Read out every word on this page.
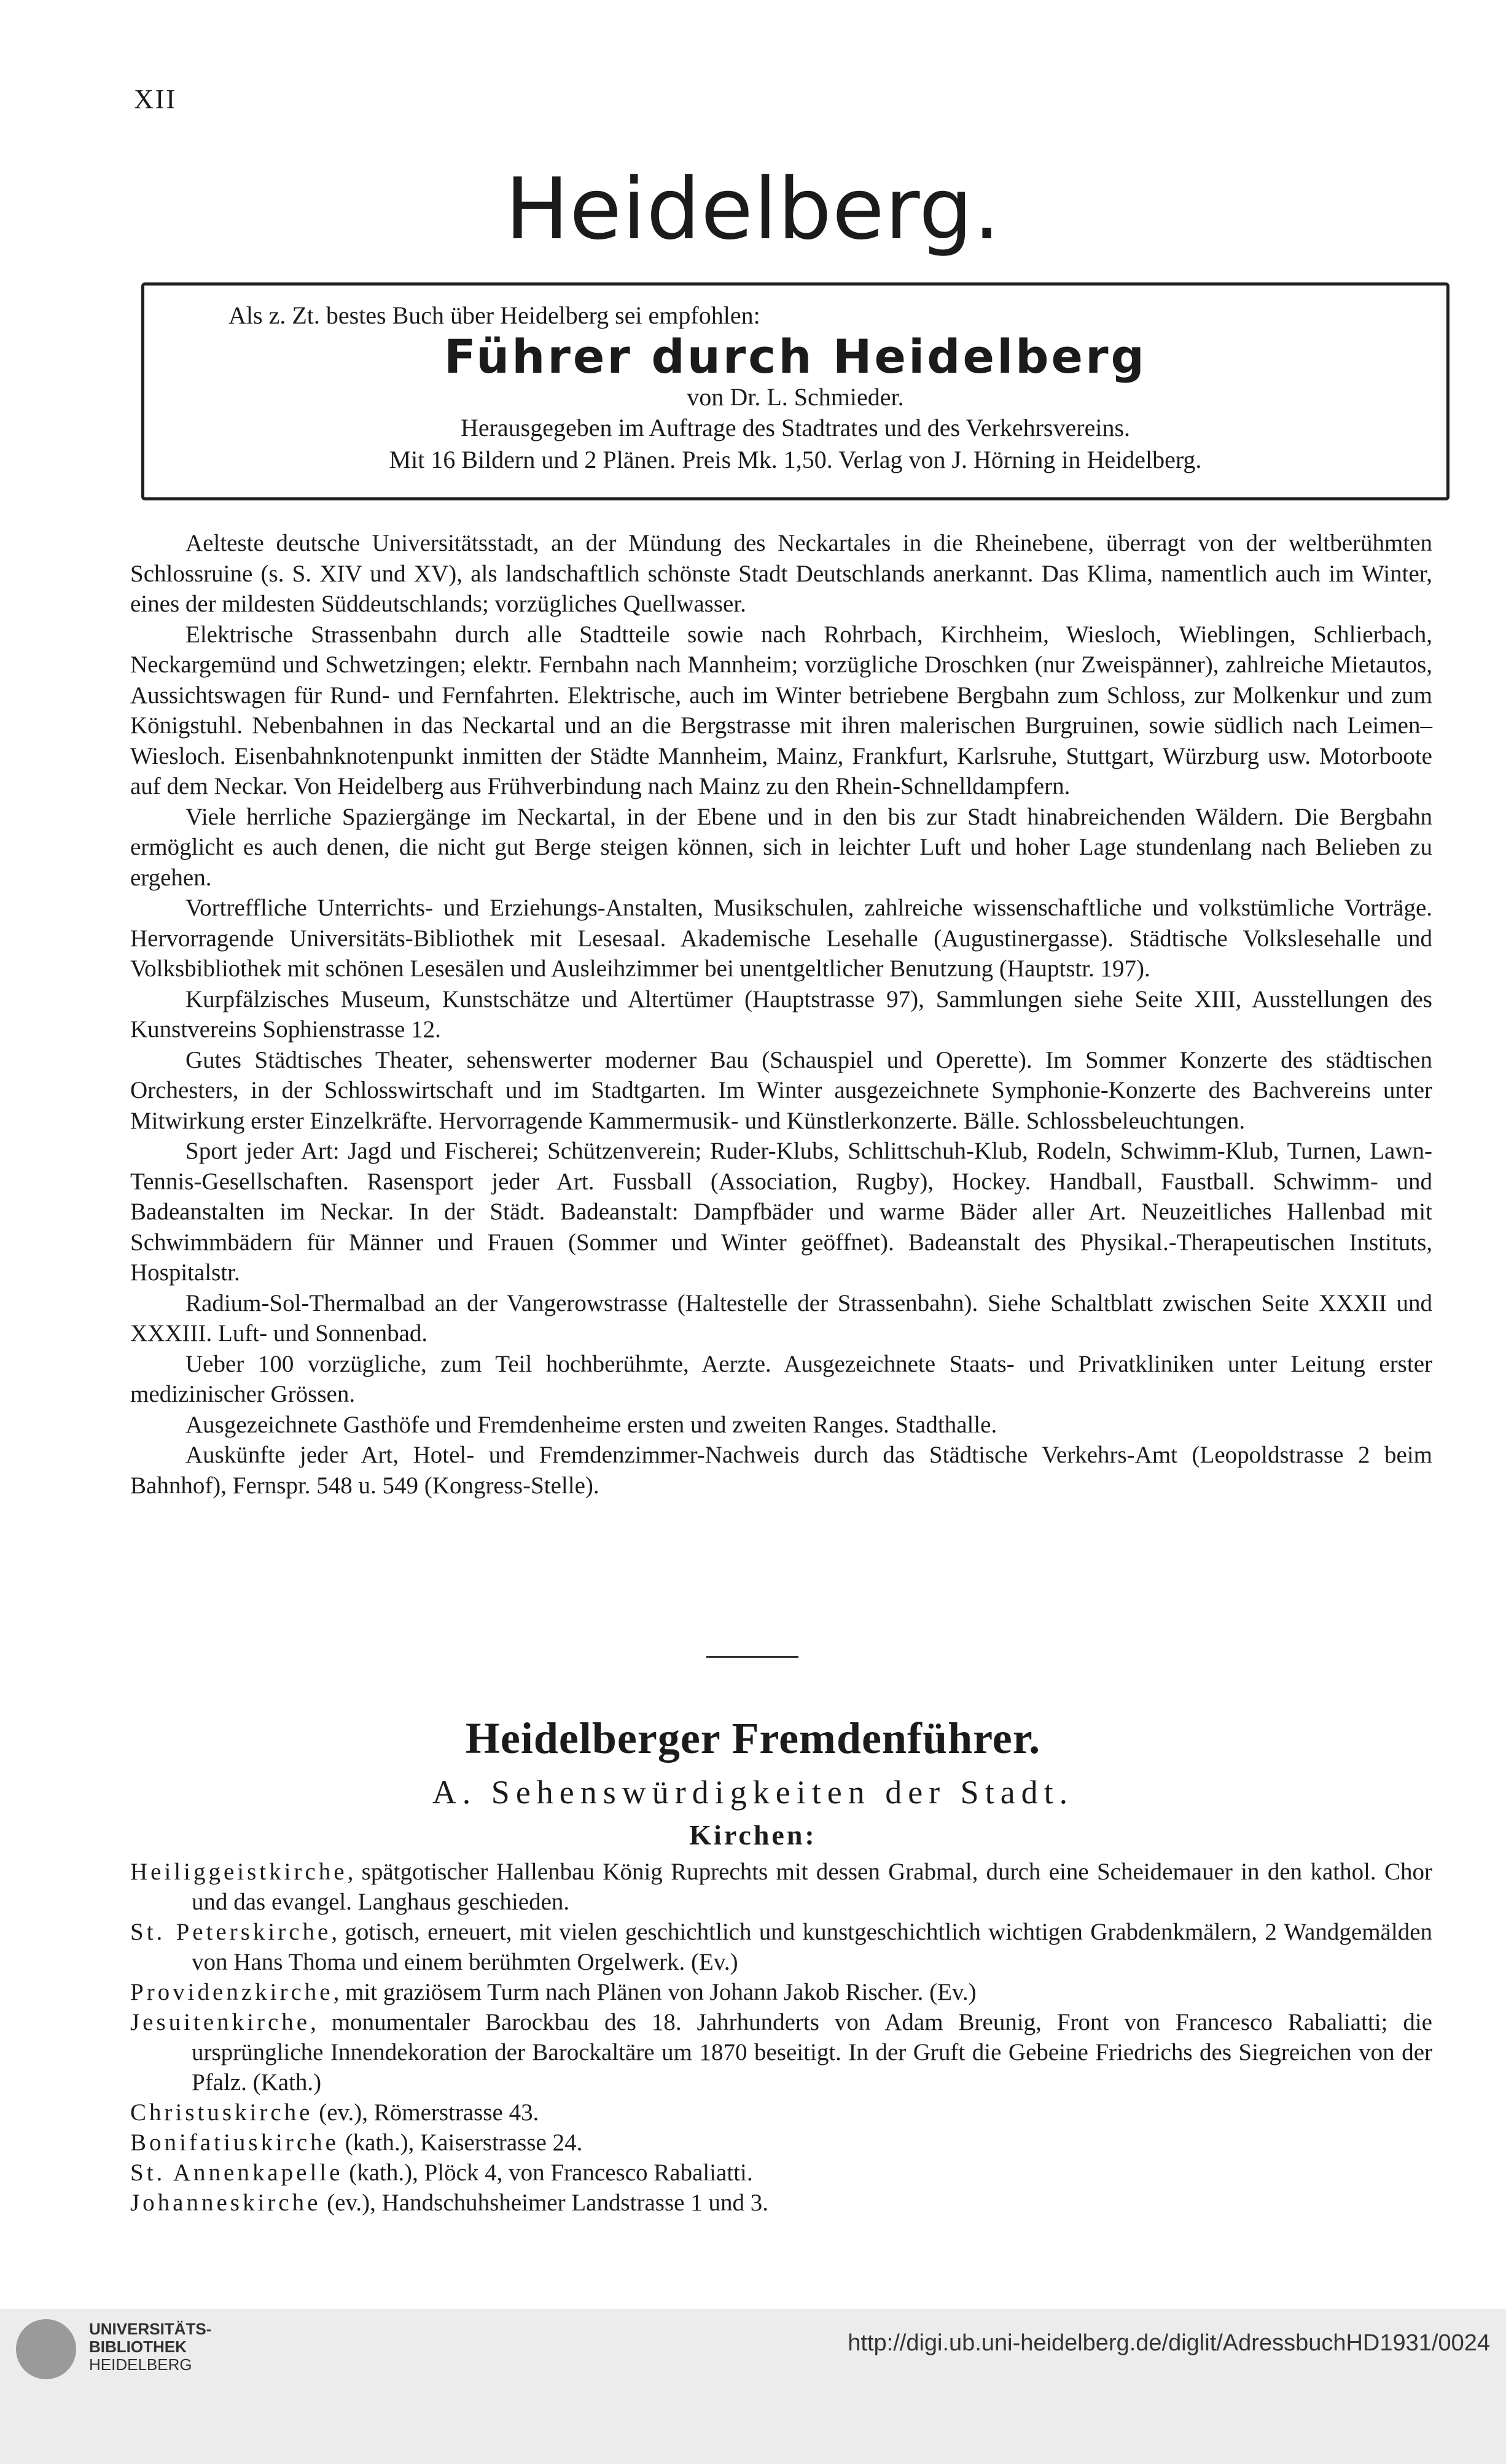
XII
Heidelberg.
Als z. Zt. bestes Buch über Heidelberg sei empfohlen:
Führer durch Heidelberg
von Dr. L. Schmieder.
Herausgegeben im Auftrage des Stadtrates und des Verkehrsvereins.
Mit 16 Bildern und 2 Plänen. Preis Mk. 1,50. Verlag von J. Hörning in Heidelberg.

Aelteste deutsche Universitätsstadt, an der Mündung des Neckartales in die Rheinebene, überragt von der weltberühmten Schlossruine (s. S. XIV und XV), als landschaftlich schönste Stadt Deutschlands anerkannt. Das Klima, namentlich auch im Winter, eines der mildesten Süddeutschlands; vorzügliches Quellwasser.

Elektrische Strassenbahn durch alle Stadtteile sowie nach Rohrbach, Kirchheim, Wiesloch, Wieblingen, Schlierbach, Neckargemünd und Schwetzingen; elektr. Fernbahn nach Mannheim; vorzügliche Droschken (nur Zweispänner), zahlreiche Mietautos, Aussichtswagen für Rund- und Fernfahrten. Elektrische, auch im Winter betriebene Bergbahn zum Schloss, zur Molkenkur und zum Königstuhl. Nebenbahnen in das Neckartal und an die Bergstrasse mit ihren malerischen Burgruinen, sowie südlich nach Leimen–Wiesloch. Eisenbahnknotenpunkt inmitten der Städte Mannheim, Mainz, Frankfurt, Karlsruhe, Stuttgart, Würzburg usw. Motorboote auf dem Neckar. Von Heidelberg aus Frühverbindung nach Mainz zu den Rhein-Schnelldampfern.

Viele herrliche Spaziergänge im Neckartal, in der Ebene und in den bis zur Stadt hinabreichenden Wäldern. Die Bergbahn ermöglicht es auch denen, die nicht gut Berge steigen können, sich in leichter Luft und hoher Lage stundenlang nach Belieben zu ergehen.

Vortreffliche Unterrichts- und Erziehungs-Anstalten, Musikschulen, zahlreiche wissenschaftliche und volkstümliche Vorträge. Hervorragende Universitäts-Bibliothek mit Lesesaal. Akademische Lesehalle (Augustinergasse). Städtische Volkslesehalle und Volksbibliothek mit schönen Lesesälen und Ausleihzimmer bei unentgeltlicher Benutzung (Hauptstr. 197).

Kurpfälzisches Museum, Kunstschätze und Altertümer (Hauptstrasse 97), Sammlungen siehe Seite XIII, Ausstellungen des Kunstvereins Sophienstrasse 12.

Gutes Städtisches Theater, sehenswerter moderner Bau (Schauspiel und Operette). Im Sommer Konzerte des städtischen Orchesters, in der Schlosswirtschaft und im Stadtgarten. Im Winter ausgezeichnete Symphonie-Konzerte des Bachvereins unter Mitwirkung erster Einzelkräfte. Hervorragende Kammermusik- und Künstlerkonzerte. Bälle. Schlossbeleuchtungen.

Sport jeder Art: Jagd und Fischerei; Schützenverein; Ruder-Klubs, Schlittschuh-Klub, Rodeln, Schwimm-Klub, Turnen, Lawn-Tennis-Gesellschaften. Rasensport jeder Art. Fussball (Association, Rugby), Hockey. Handball, Faustball. Schwimm- und Badeanstalten im Neckar. In der Städt. Badeanstalt: Dampfbäder und warme Bäder aller Art. Neuzeitliches Hallenbad mit Schwimmbädern für Männer und Frauen (Sommer und Winter geöffnet). Badeanstalt des Physikal.-Therapeutischen Instituts, Hospitalstr.

Radium-Sol-Thermalbad an der Vangerowstrasse (Haltestelle der Strassenbahn). Siehe Schaltblatt zwischen Seite XXXII und XXXIII. Luft- und Sonnenbad.

Ueber 100 vorzügliche, zum Teil hochberühmte, Aerzte. Ausgezeichnete Staats- und Privatkliniken unter Leitung erster medizinischer Grössen.

Ausgezeichnete Gasthöfe und Fremdenheime ersten und zweiten Ranges. Stadthalle.

Auskünfte jeder Art, Hotel- und Fremdenzimmer-Nachweis durch das Städtische Verkehrs-Amt (Leopoldstrasse 2 beim Bahnhof), Fernspr. 548 u. 549 (Kongress-Stelle).

Heidelberger Fremdenführer.
A. Sehenswürdigkeiten der Stadt.
Kirchen:

Heiliggeistkirche, spätgotischer Hallenbau König Ruprechts mit dessen Grabmal, durch eine Scheidemauer in den kathol. Chor und das evangel. Langhaus geschieden.

St. Peterskirche, gotisch, erneuert, mit vielen geschichtlich und kunstgeschichtlich wichtigen Grabdenkmälern, 2 Wandgemälden von Hans Thoma und einem berühmten Orgelwerk. (Ev.)

Providenzkirche, mit graziösem Turm nach Plänen von Johann Jakob Rischer. (Ev.)

Jesuitenkirche, monumentaler Barockbau des 18. Jahrhunderts von Adam Breunig, Front von Francesco Rabaliatti; die ursprüngliche Innendekoration der Barockaltäre um 1870 beseitigt. In der Gruft die Gebeine Friedrichs des Siegreichen von der Pfalz. (Kath.)

Christuskirche (ev.), Römerstrasse 43.

Bonifatiuskirche (kath.), Kaiserstrasse 24.

St. Annenkapelle (kath.), Plöck 4, von Francesco Rabaliatti.

Johanneskirche (ev.), Handschuhsheimer Landstrasse 1 und 3.

UNIVERSITÄTS-
BIBLIOTHEK
HEIDELBERG
http://digi.ub.uni-heidelberg.de/diglit/AdressbuchHD1931/0024
